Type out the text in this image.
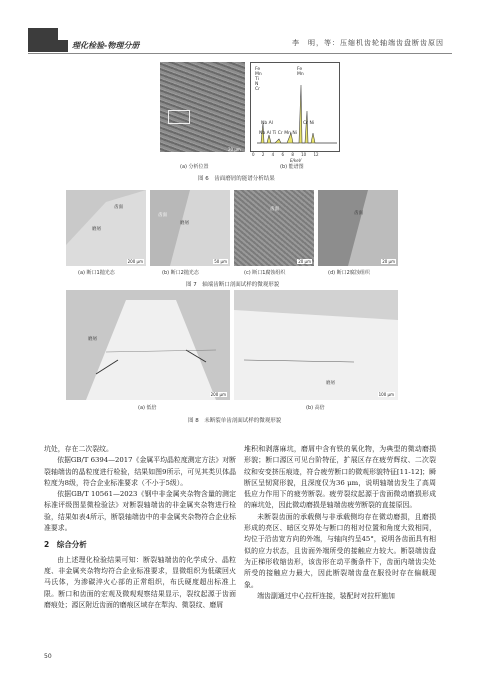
理化检验-物理分册	李　明，等：压缩机齿轮轴端齿盘断齿原因
20 μm
Fe
Mn
Ti
N
Cr
Fe
Mn
Nb Al	Cr Ni
Nb Al Ti Cr Mn Ni
0 2 4 6 8 10 12
E/keV
(a) 分析位置	(b) 能谱图
图 6　齿面磨屑的能谱分析结果
齿面
磨屑
200 μm
齿面
磨屑
50 μm
齿面
20 μm
齿面
20 μm
(a) 断口1抛光态	(b) 断口2抛光态	(c) 断口1腐蚀组织	(d) 断口2腐蚀组织
图 7　轴端齿断口剖面试样的微观形貌
磨屑
200 μm
磨屑
100 μm
(a) 低倍	(b) 高倍
图 8　未断裂单齿剖面试样的微观形貌

坑处，存在二次裂纹。

依据GB/T 6394—2017《金属平均晶粒度测定方法》对断裂轴端齿的晶粒度进行检验，结果如图9所示，可见其类贝体晶粒度为8级，符合企业标准要求（不小于5级）。

依据GB/T 10561—2023《钢中非金属夹杂物含量的测定 标准评级图显微检验法》对断裂轴端齿的非金属夹杂物进行检验，结果如表4所示，断裂轴端齿中的非金属夹杂物符合企业标准要求。

2　综合分析

由上述理化检验结果可知：断裂轴端齿的化学成分、晶粒度、非金属夹杂物均符合企业标准要求，显微组织为低碳回火马氏体，为渗碳淬火心部的正常组织，布氏硬度超出标准上限。断口和齿面的宏观及微观观察结果显示，裂纹起源于齿面磨痕处；源区附近齿面的磨痕区域存在犁沟、微裂纹、磨屑

堆积和剥落麻坑，磨屑中含有铁的氧化物，为典型的微动磨损形貌；断口源区可见台阶特征，扩展区存在疲劳辉纹、二次裂纹和安变挤压痕迹，符合疲劳断口的微观形貌特征[11-12]；瞬断区呈韧窝形貌，且深度仅为36 μm，说明轴端齿发生了高周低应力作用下的疲劳断裂。疲劳裂纹起源于齿面微动磨损形成的麻坑处，因此微动磨损是轴端齿疲劳断裂的直接原因。

未断裂齿面的承载侧与非承载侧均存在微动磨损，且磨损形成的亮区、暗区交界处与断口的相对位置和角度大致相同，均位于沿齿宽方向的外端，与轴向约呈45°，说明各齿面具有相似的应力状态，且齿面外端所受的接触应力较大。断裂端齿盘为正梯形收缩齿形，该齿形在动平衡条件下，齿面内端齿尖处所受的接触应力最大，因此断裂端齿盘在服役时存在偏载现象。

端齿副通过中心拉杆连接，装配时对拉杆施加

50
